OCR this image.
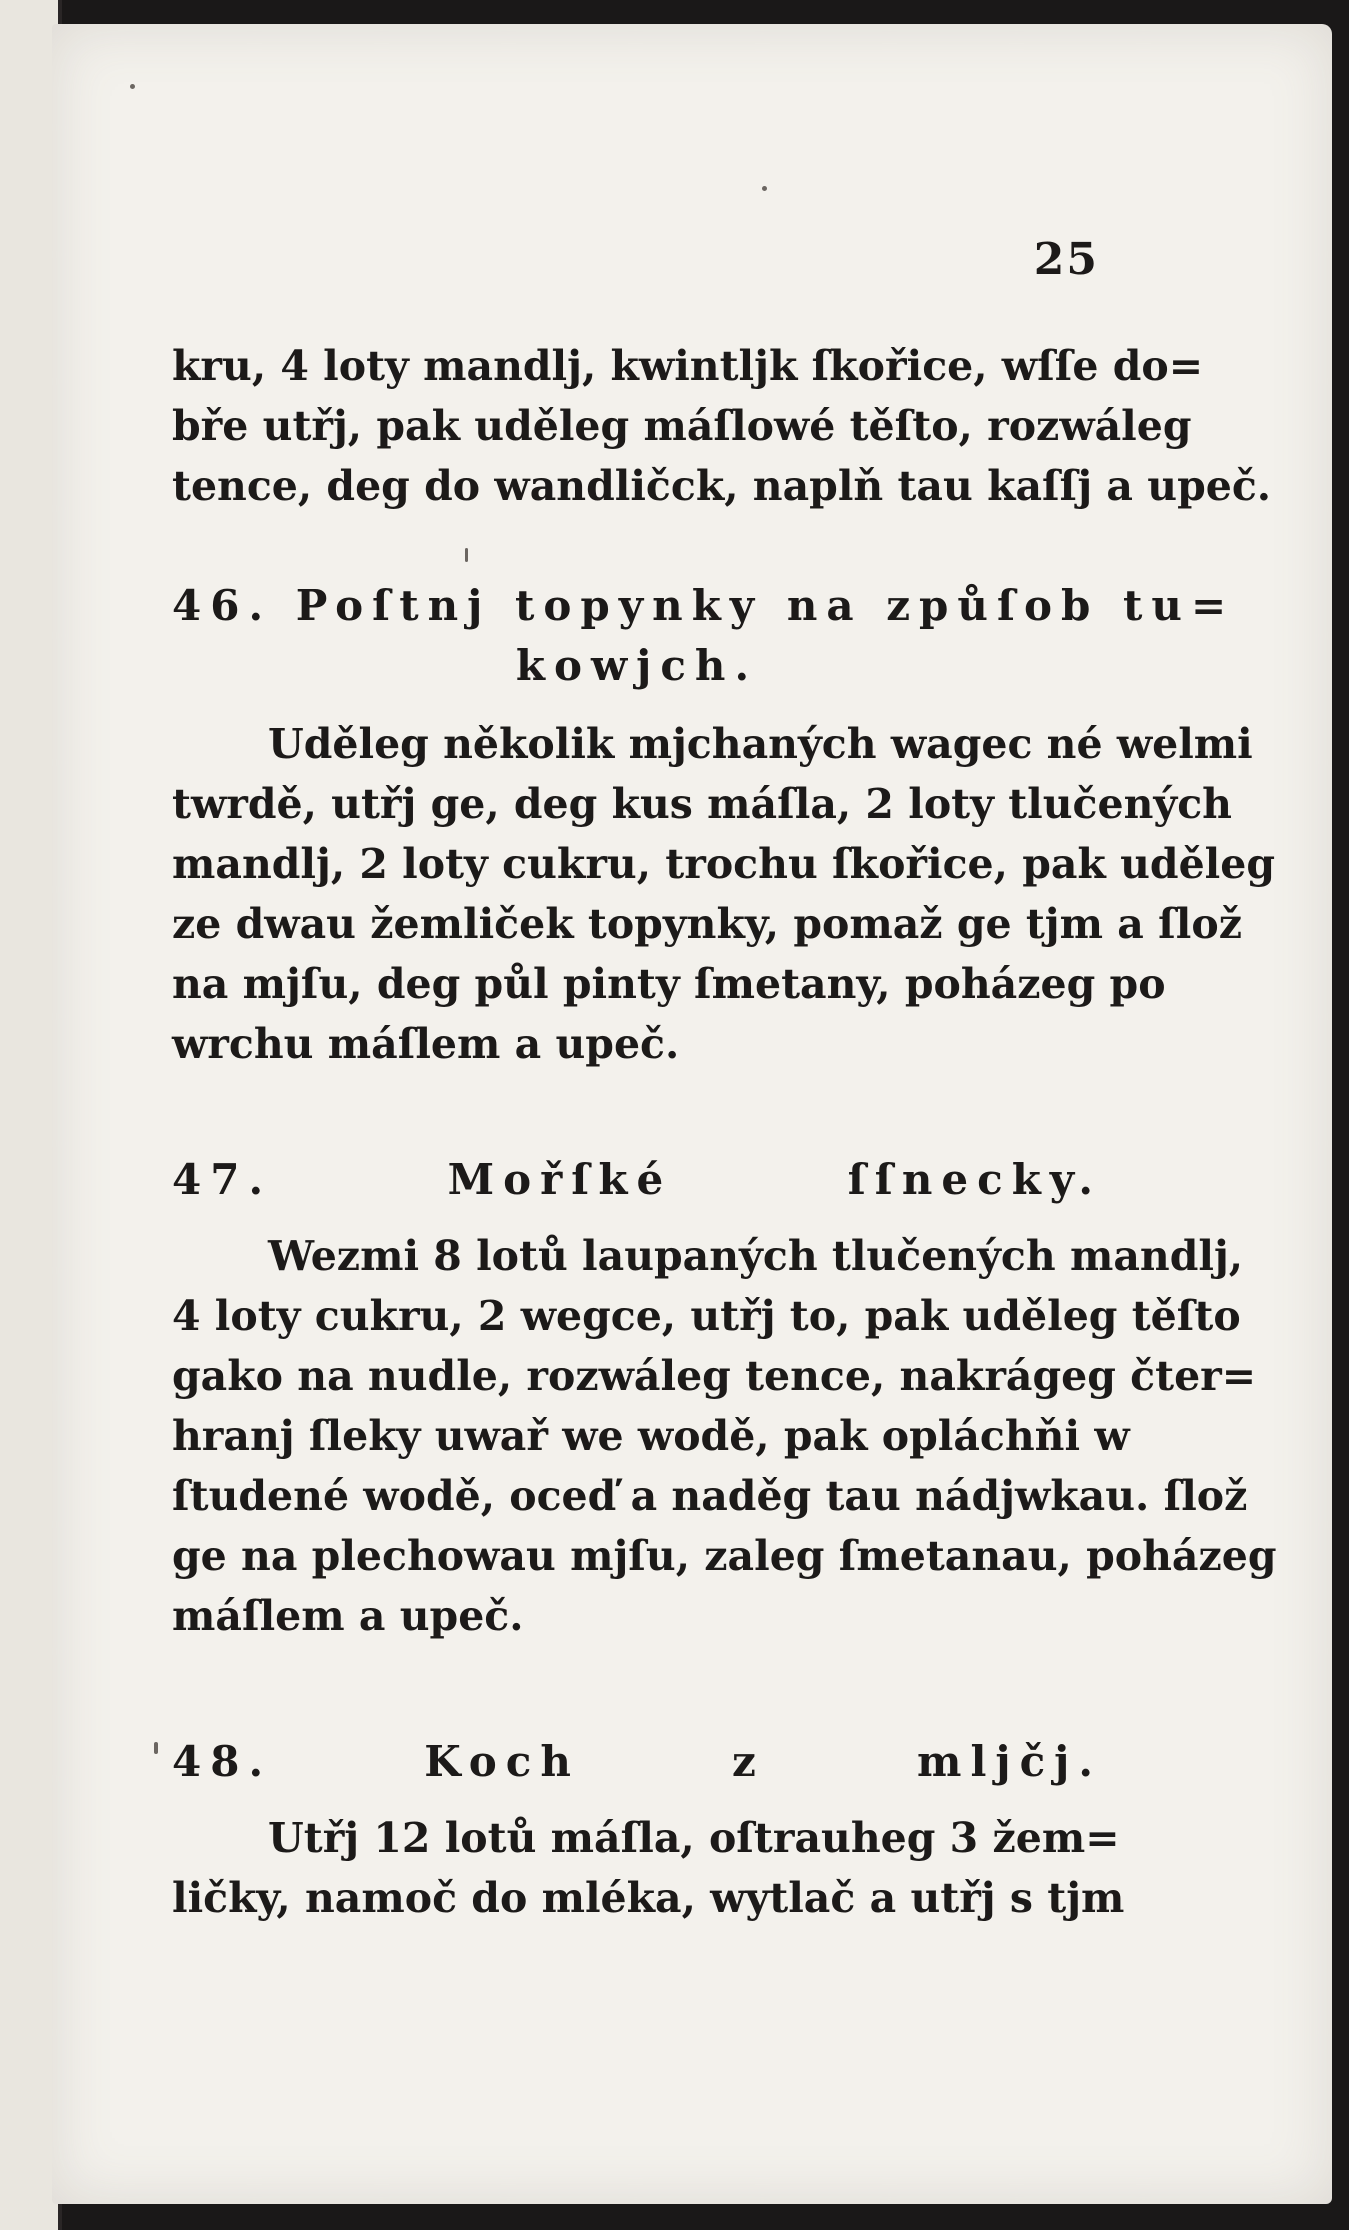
25
kru, 4 loty mandlj, kwintljk ſkořice, wſſe do=
bře utřj, pak uděleg máſlowé těſto, rozwáleg
tence, deg do wandličck, naplň tau kaſſj a upeč.
46. Poſtnj topynky na způſob tu=
kowjch.
Uděleg několik mjchaných wagec né welmi
twrdě, utřj ge, deg kus máſla, 2 loty tlučených
mandlj, 2 loty cukru, trochu ſkořice, pak uděleg
ze dwau žemliček topynky, pomaž ge tjm a ſlož
na mjſu, deg půl pinty ſmetany, poházeg po
wrchu máſlem a upeč.
47. Mořſké ſſnecky.
Wezmi 8 lotů laupaných tlučených mandlj,
4 loty cukru, 2 wegce, utřj to, pak uděleg těſto
gako na nudle, rozwáleg tence, nakrágeg čter=
hranj ſleky uwař we wodě, pak opláchňi w
ſtudené wodě, oceď a naděg tau nádjwkau. ſlož
ge na plechowau mjſu, zaleg ſmetanau, poházeg
máſlem a upeč.
48. Koch z mljčj.
Utřj 12 lotů máſla, oſtrauheg 3 žem=
ličky, namoč do mléka, wytlač a utřj s tjm
